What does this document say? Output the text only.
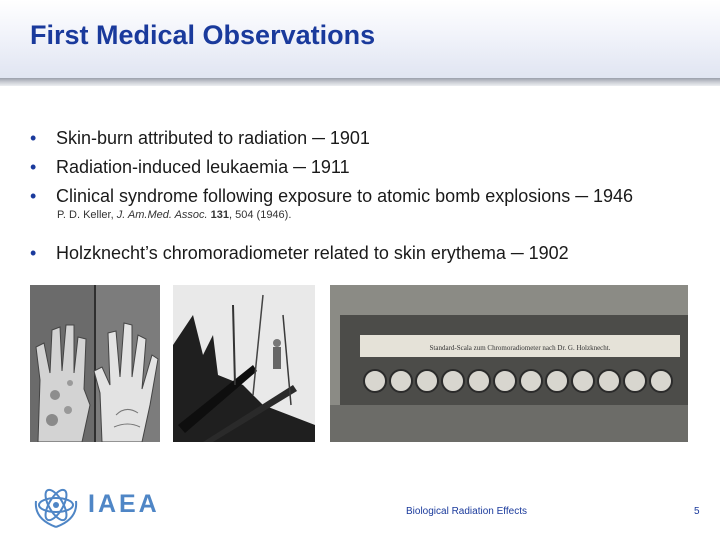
First Medical Observations
• Skin-burn attributed to radiation ─ 1901
• Radiation-induced leukaemia ─ 1911
• Clinical syndrome following exposure to atomic bomb explosions ─ 1946
P. D. Keller, J. Am.Med. Assoc. 131, 504 (1946).

• Holzknecht’s chromoradiometer related to skin erythema ─ 1902

Standard-Scala zum Chromoradiometer nach Dr. G. Holzknecht.
IAEA	Biological Radiation Effects	5
